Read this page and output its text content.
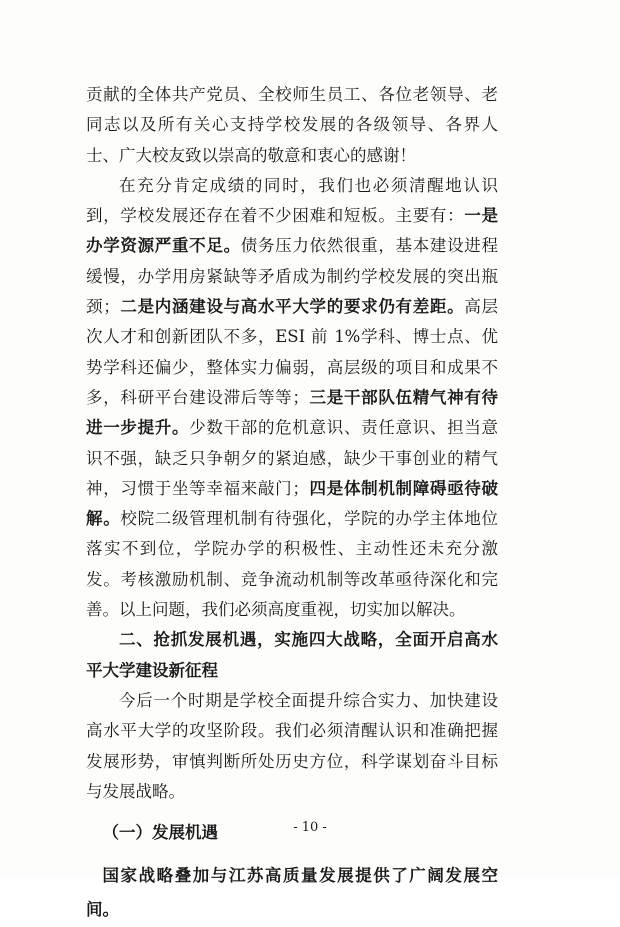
贡献的全体共产党员、全校师生员工、各位老领导、老同志以及所有关心支持学校发展的各级领导、各界人士、广大校友致以崇高的敬意和衷心的感谢！

在充分肯定成绩的同时，我们也必须清醒地认识到，学校发展还存在着不少困难和短板。主要有：一是办学资源严重不足。债务压力依然很重，基本建设进程缓慢，办学用房紧缺等矛盾成为制约学校发展的突出瓶颈；二是内涵建设与高水平大学的要求仍有差距。高层次人才和创新团队不多，ESI 前 1%学科、博士点、优势学科还偏少，整体实力偏弱，高层级的项目和成果不多，科研平台建设滞后等等；三是干部队伍精气神有待进一步提升。少数干部的危机意识、责任意识、担当意识不强，缺乏只争朝夕的紧迫感，缺少干事创业的精气神，习惯于坐等幸福来敲门；四是体制机制障碍亟待破解。校院二级管理机制有待强化，学院的办学主体地位落实不到位，学院办学的积极性、主动性还未充分激发。考核激励机制、竞争流动机制等改革亟待深化和完善。以上问题，我们必须高度重视，切实加以解决。

二、抢抓发展机遇，实施四大战略，全面开启高水平大学建设新征程

今后一个时期是学校全面提升综合实力、加快建设高水平大学的攻坚阶段。我们必须清醒认识和准确把握发展形势，审慎判断所处历史方位，科学谋划奋斗目标与发展战略。

（一）发展机遇

国家战略叠加与江苏高质量发展提供了广阔发展空间。

- 10 -
